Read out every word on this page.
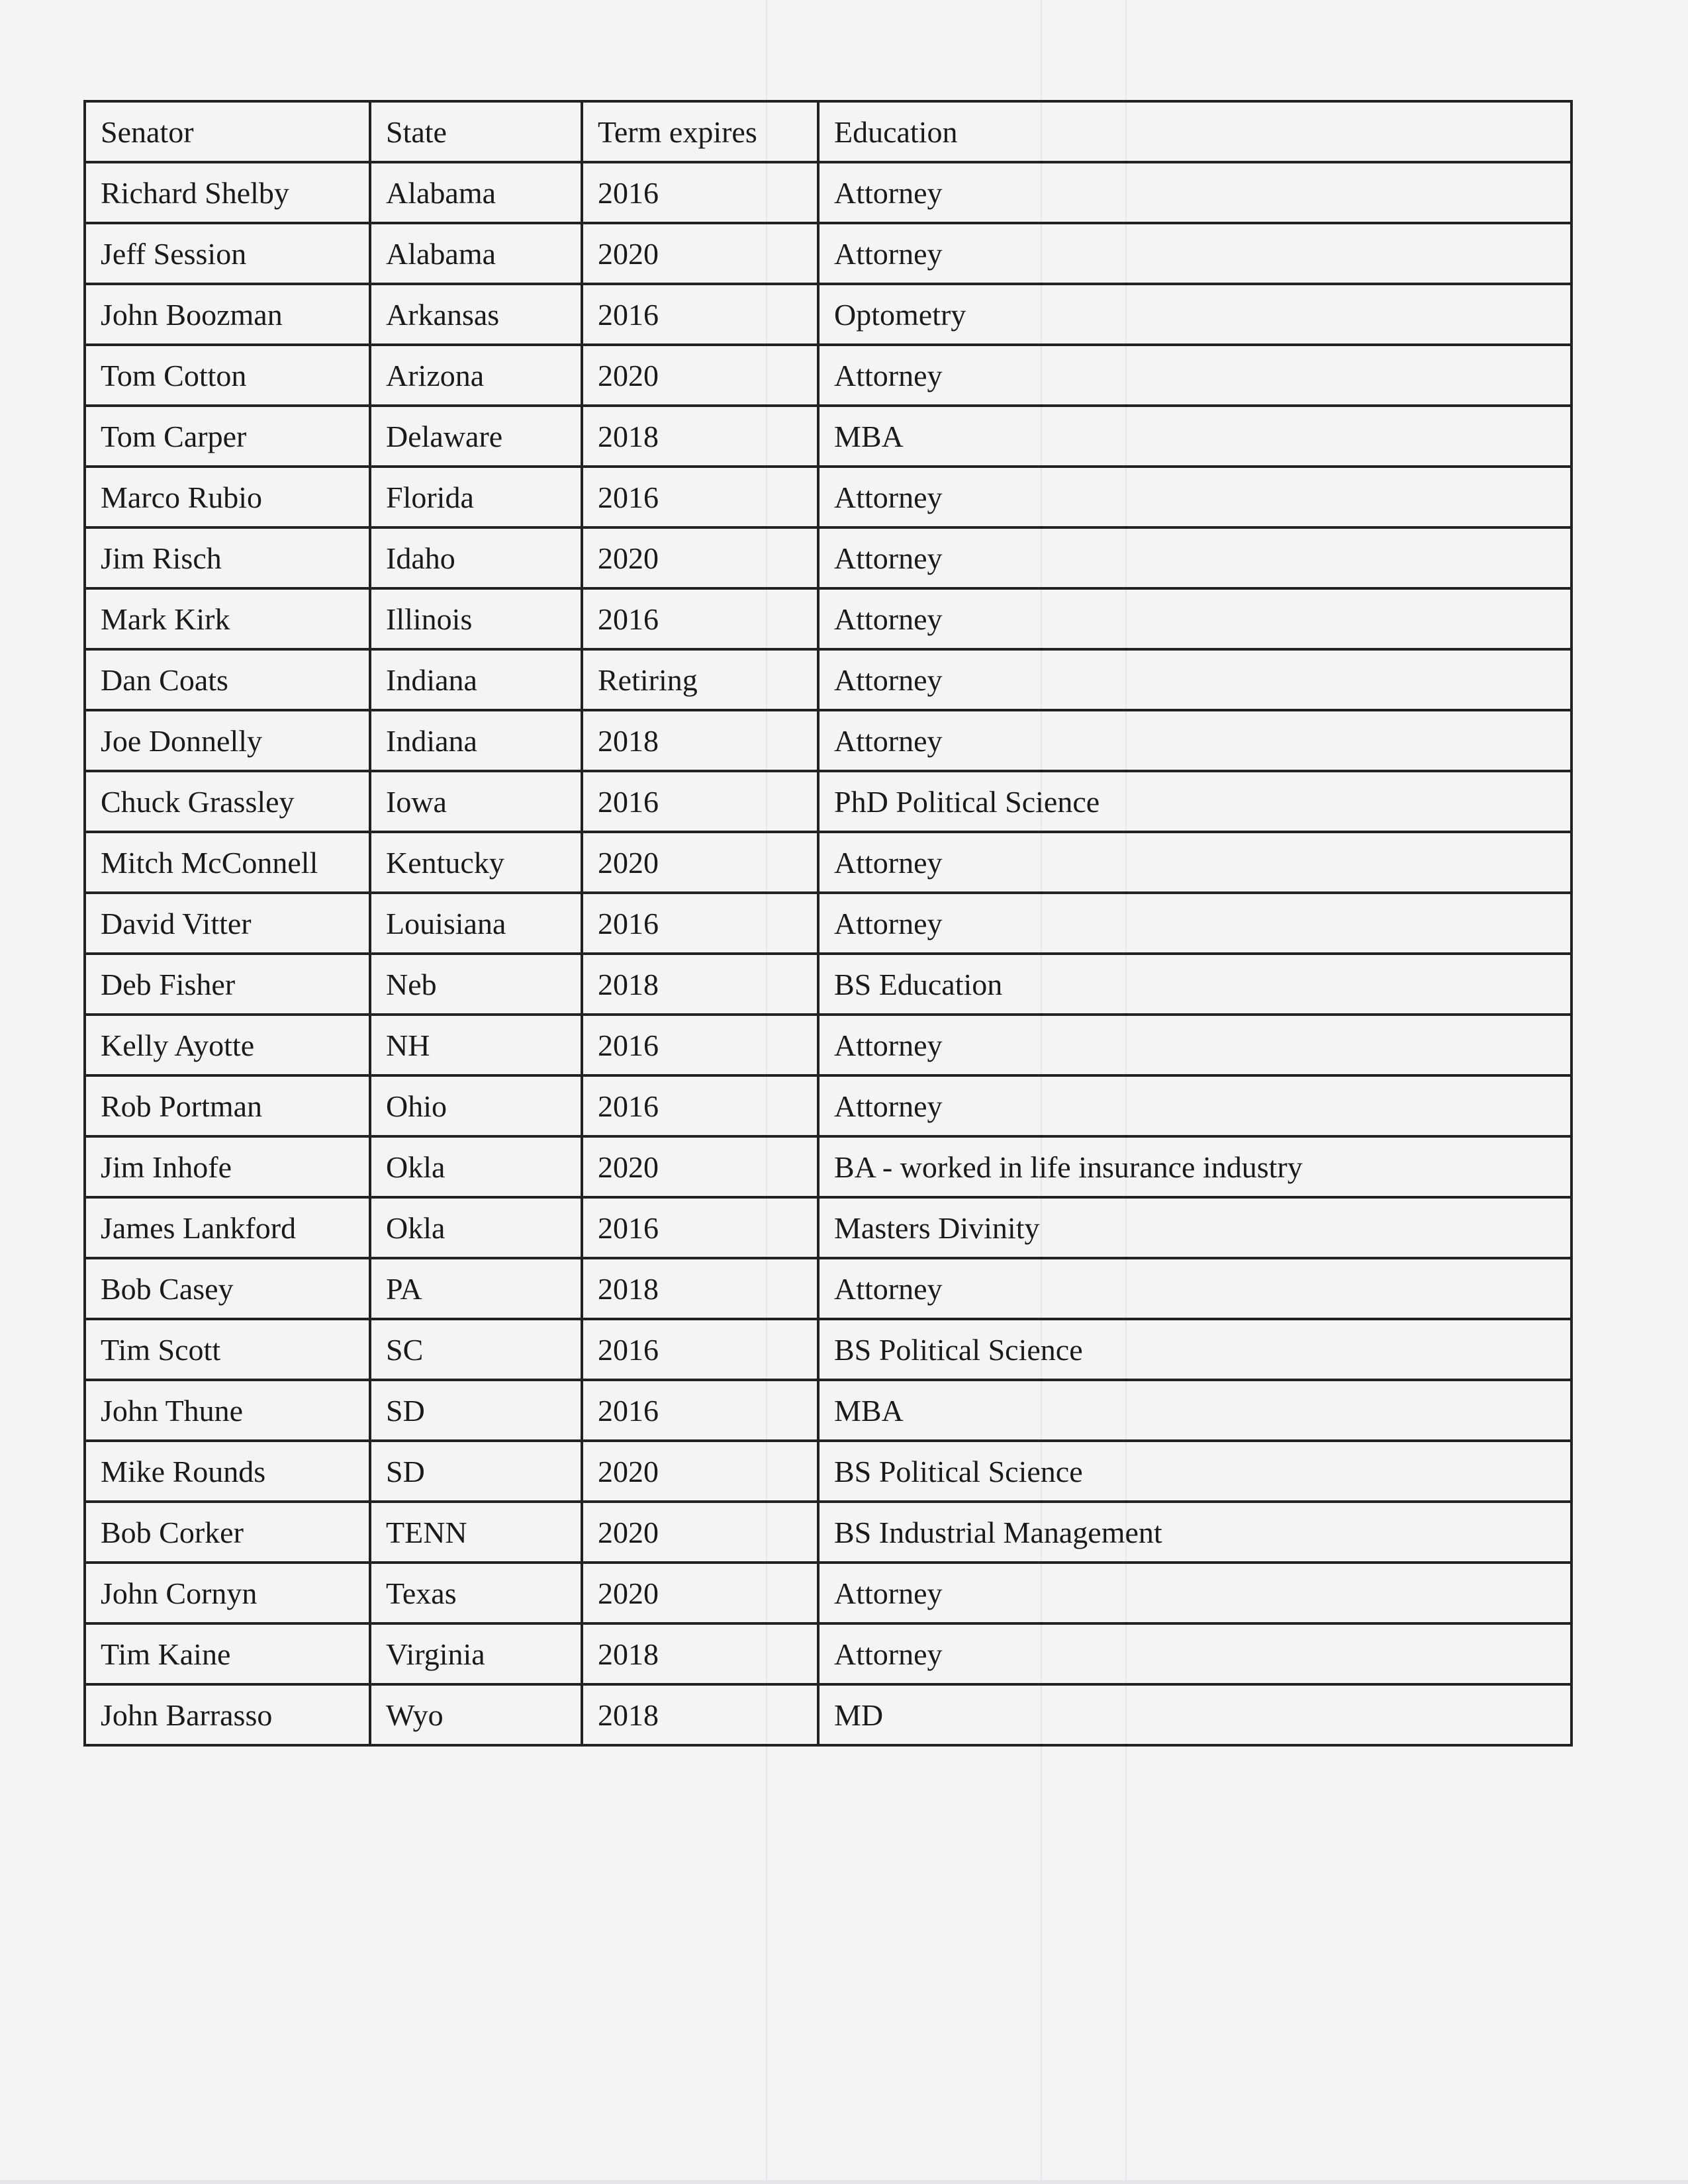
Senator	State	Term expires	Education
Richard Shelby	Alabama	2016	Attorney
Jeff Session	Alabama	2020	Attorney
John Boozman	Arkansas	2016	Optometry
Tom Cotton	Arizona	2020	Attorney
Tom Carper	Delaware	2018	MBA
Marco Rubio	Florida	2016	Attorney
Jim Risch	Idaho	2020	Attorney
Mark Kirk	Illinois	2016	Attorney
Dan Coats	Indiana	Retiring	Attorney
Joe Donnelly	Indiana	2018	Attorney
Chuck Grassley	Iowa	2016	PhD Political Science
Mitch McConnell	Kentucky	2020	Attorney
David Vitter	Louisiana	2016	Attorney
Deb Fisher	Neb	2018	BS Education
Kelly Ayotte	NH	2016	Attorney
Rob Portman	Ohio	2016	Attorney
Jim Inhofe	Okla	2020	BA - worked in life insurance industry
James Lankford	Okla	2016	Masters Divinity
Bob Casey	PA	2018	Attorney
Tim Scott	SC	2016	BS Political Science
John Thune	SD	2016	MBA
Mike Rounds	SD	2020	BS Political Science
Bob Corker	TENN	2020	BS Industrial Management
John Cornyn	Texas	2020	Attorney
Tim Kaine	Virginia	2018	Attorney
John Barrasso	Wyo	2018	MD
